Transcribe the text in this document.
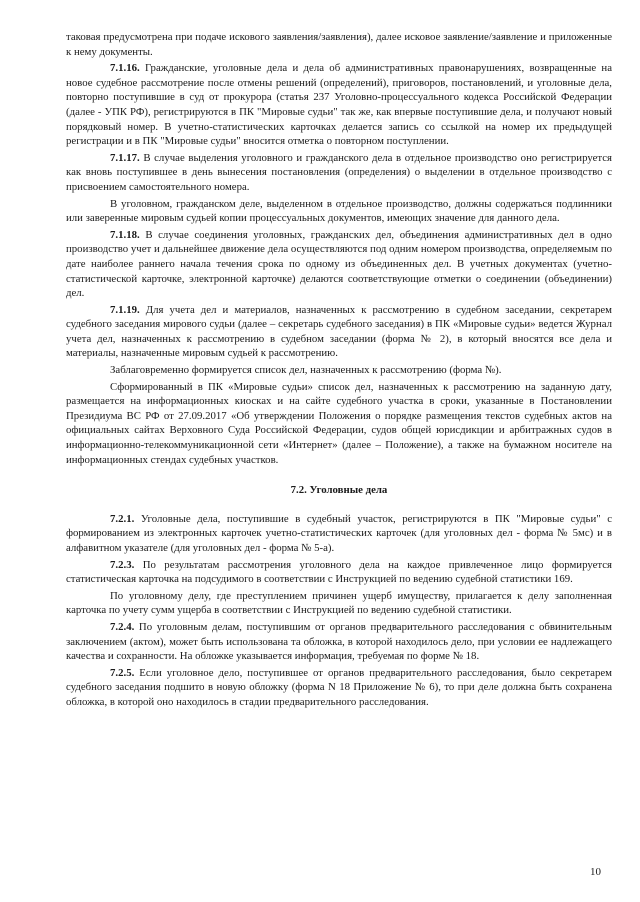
таковая предусмотрена при подаче искового заявления/заявления), далее исковое заявление/заявление и приложенные к нему документы.
7.1.16. Гражданские, уголовные дела и дела об административных правонарушениях, возвращенные на новое судебное рассмотрение после отмены решений (определений), приговоров, постановлений, и уголовные дела, повторно поступившие в суд от прокурора (статья 237 Уголовно-процессуального кодекса Российской Федерации (далее - УПК РФ), регистрируются в ПК "Мировые судьи" так же, как впервые поступившие дела, и получают новый порядковый номер. В учетно-статистических карточках делается запись со ссылкой на номер их предыдущей регистрации и в ПК "Мировые судьи" вносится отметка о повторном поступлении.
7.1.17. В случае выделения уголовного и гражданского дела в отдельное производство оно регистрируется как вновь поступившее в день вынесения постановления (определения) о выделении в отдельное производство с присвоением самостоятельного номера.
В уголовном, гражданском деле, выделенном в отдельное производство, должны содержаться подлинники или заверенные мировым судьей копии процессуальных документов, имеющих значение для данного дела.
7.1.18. В случае соединения уголовных, гражданских дел, объединения административных дел в одно производство учет и дальнейшее движение дела осуществляются под одним номером производства, определяемым по дате наиболее раннего начала течения срока по одному из объединенных дел. В учетных документах (учетно-статистической карточке, электронной карточке) делаются соответствующие отметки о соединении (объединении) дел.
7.1.19. Для учета дел и материалов, назначенных к рассмотрению в судебном заседании, секретарем судебного заседания мирового судьи (далее – секретарь судебного заседания) в ПК «Мировые судьи» ведется Журнал учета дел, назначенных к рассмотрению в судебном заседании (форма № 2), в который вносятся все дела и материалы, назначенные мировым судьей к рассмотрению.
Заблаговременно формируется список дел, назначенных к рассмотрению (форма №).
Сформированный в ПК «Мировые судьи» список дел, назначенных к рассмотрению на заданную дату, размещается на информационных киосках и на сайте судебного участка в сроки, указанные в Постановлении Президиума ВС РФ от 27.09.2017 «Об утверждении Положения о порядке размещения текстов судебных актов на официальных сайтах Верховного Суда Российской Федерации, судов общей юрисдикции и арбитражных судов в информационно-телекоммуникационной сети «Интернет» (далее – Положение), а также на бумажном носителе на информационных стендах судебных участков.
7.2. Уголовные дела
7.2.1. Уголовные дела, поступившие в судебный участок, регистрируются в ПК "Мировые судьи" с формированием из электронных карточек учетно-статистических карточек (для уголовных дел - форма № 5мс) и в алфавитном указателе (для уголовных дел - форма № 5-а).
7.2.3. По результатам рассмотрения уголовного дела на каждое привлеченное лицо формируется статистическая карточка на подсудимого в соответствии с Инструкцией по ведению судебной статистики 169.
По уголовному делу, где преступлением причинен ущерб имуществу, прилагается к делу заполненная карточка по учету сумм ущерба в соответствии с Инструкцией по ведению судебной статистики.
7.2.4. По уголовным делам, поступившим от органов предварительного расследования с обвинительным заключением (актом), может быть использована та обложка, в которой находилось дело, при условии ее надлежащего качества и сохранности. На обложке указывается информация, требуемая по форме № 18.
7.2.5. Если уголовное дело, поступившее от органов предварительного расследования, было секретарем судебного заседания подшито в новую обложку (форма N 18 Приложение № 6), то при деле должна быть сохранена обложка, в которой оно находилось в стадии предварительного расследования.
10
